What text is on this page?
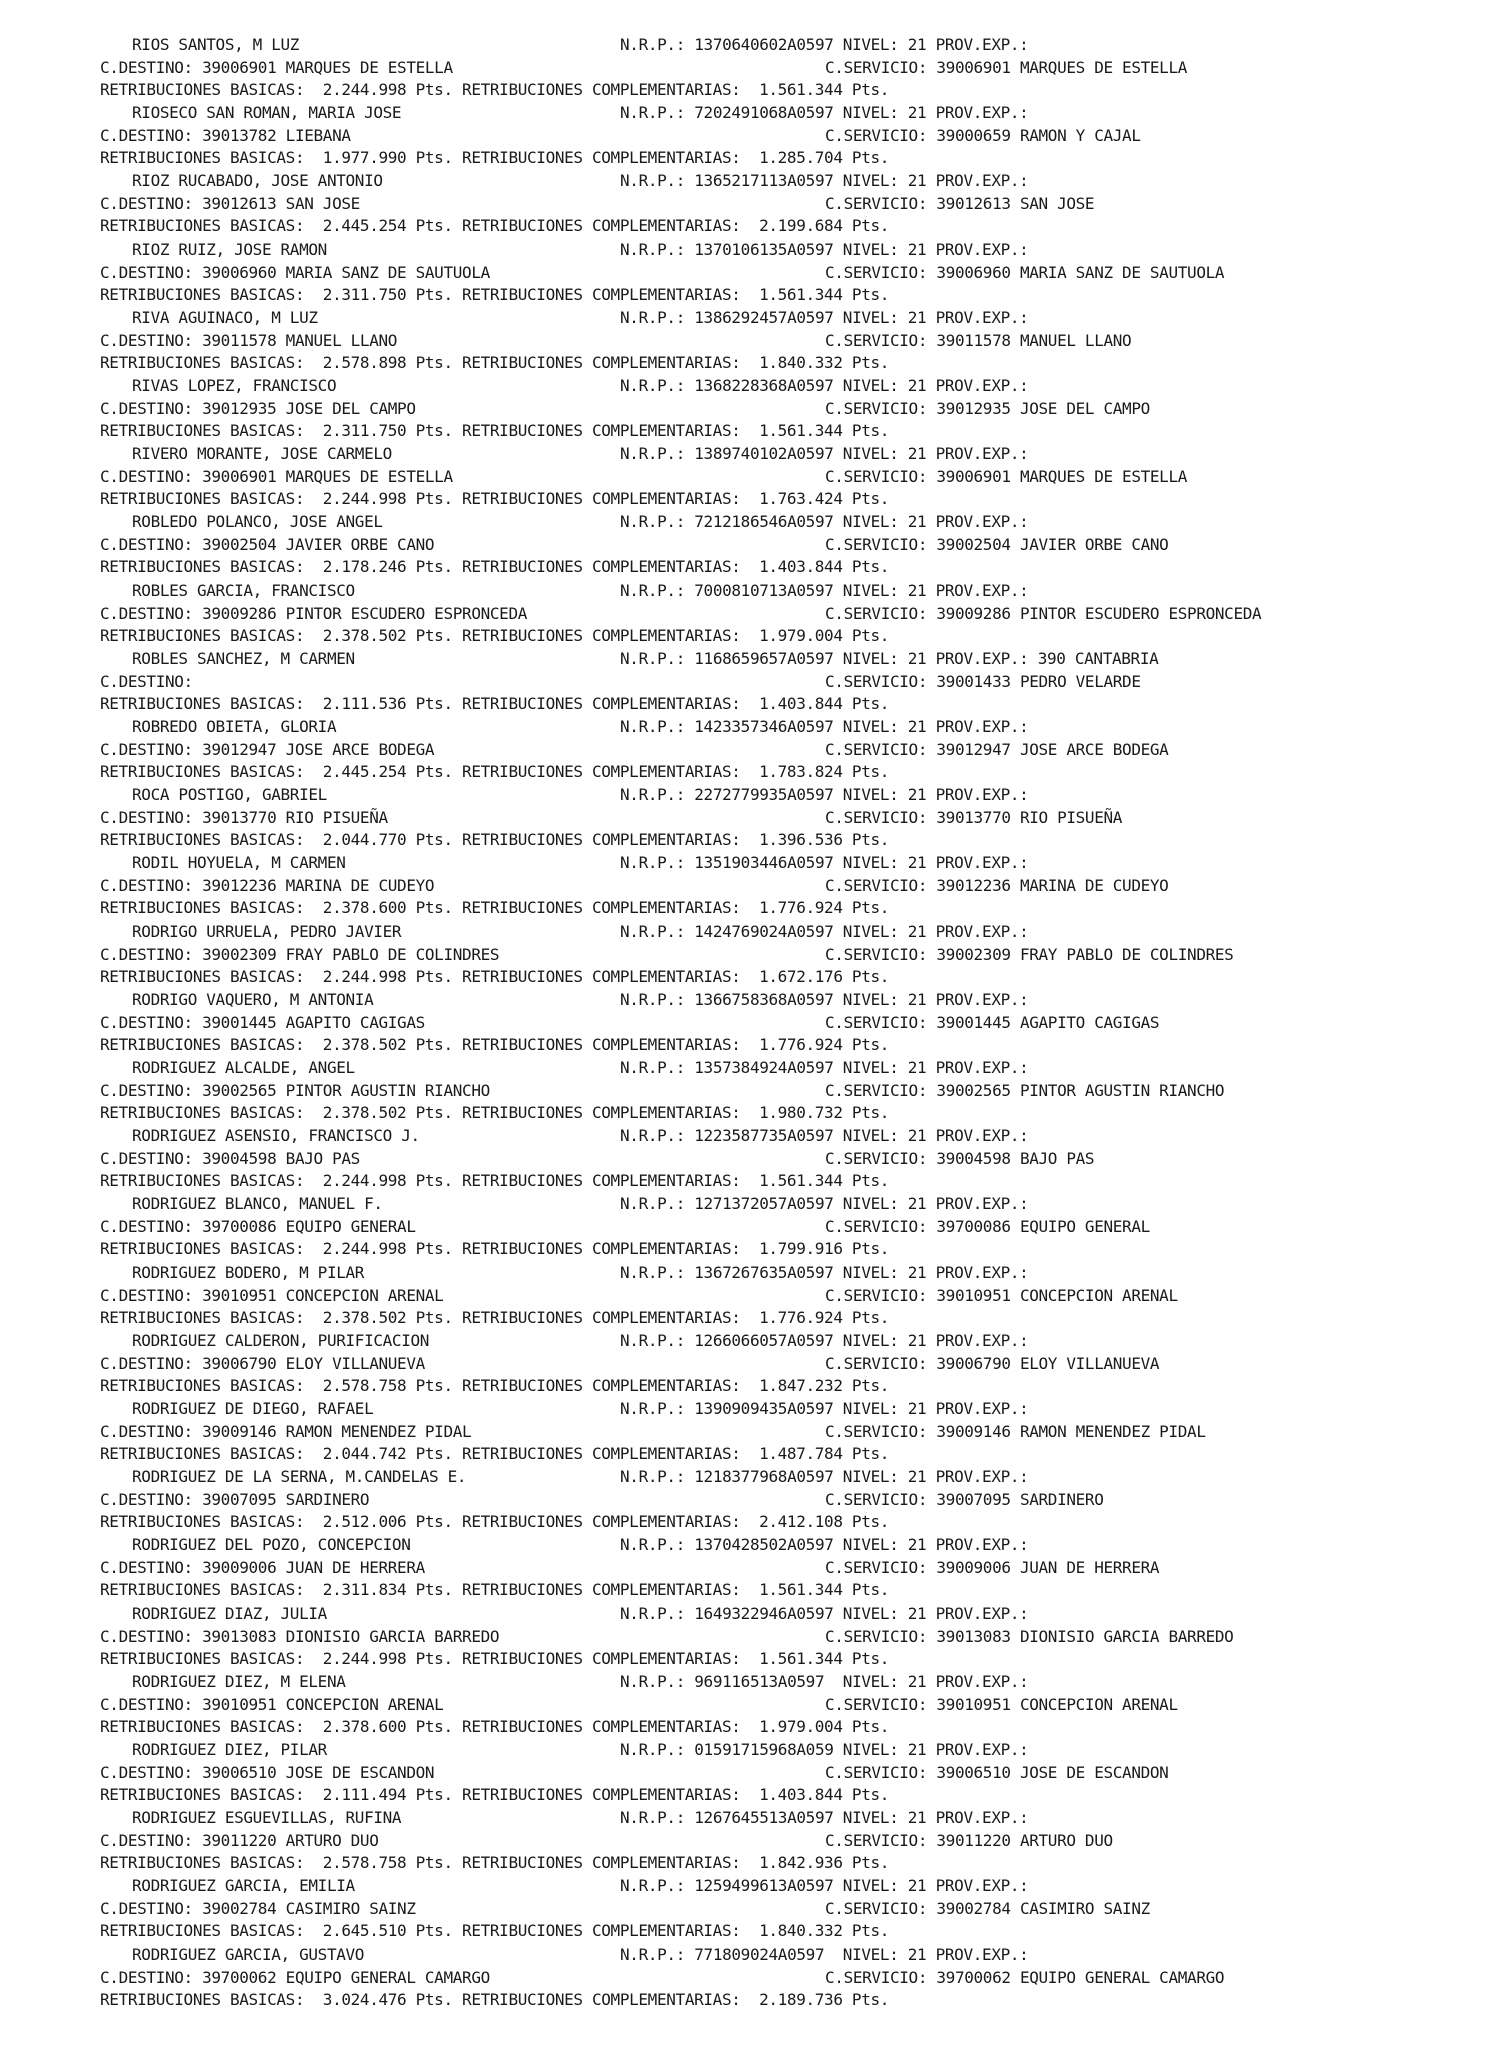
RIOS SANTOS, M LUZ	N.R.P.: 1370640602A0597 NIVEL: 21 PROV.EXP.:
C.DESTINO: 39006901 MARQUES DE ESTELLA	C.SERVICIO: 39006901 MARQUES DE ESTELLA
RETRIBUCIONES BASICAS:  2.244.998 Pts. RETRIBUCIONES COMPLEMENTARIAS:  1.561.344 Pts.
RIOSECO SAN ROMAN, MARIA JOSE	N.R.P.: 7202491068A0597 NIVEL: 21 PROV.EXP.:
C.DESTINO: 39013782 LIEBANA	C.SERVICIO: 39000659 RAMON Y CAJAL
RETRIBUCIONES BASICAS:  1.977.990 Pts. RETRIBUCIONES COMPLEMENTARIAS:  1.285.704 Pts.
RIOZ RUCABADO, JOSE ANTONIO	N.R.P.: 1365217113A0597 NIVEL: 21 PROV.EXP.:
C.DESTINO: 39012613 SAN JOSE	C.SERVICIO: 39012613 SAN JOSE
RETRIBUCIONES BASICAS:  2.445.254 Pts. RETRIBUCIONES COMPLEMENTARIAS:  2.199.684 Pts.
RIOZ RUIZ, JOSE RAMON	N.R.P.: 1370106135A0597 NIVEL: 21 PROV.EXP.:
C.DESTINO: 39006960 MARIA SANZ DE SAUTUOLA	C.SERVICIO: 39006960 MARIA SANZ DE SAUTUOLA
RETRIBUCIONES BASICAS:  2.311.750 Pts. RETRIBUCIONES COMPLEMENTARIAS:  1.561.344 Pts.
RIVA AGUINACO, M LUZ	N.R.P.: 1386292457A0597 NIVEL: 21 PROV.EXP.:
C.DESTINO: 39011578 MANUEL LLANO	C.SERVICIO: 39011578 MANUEL LLANO
RETRIBUCIONES BASICAS:  2.578.898 Pts. RETRIBUCIONES COMPLEMENTARIAS:  1.840.332 Pts.
RIVAS LOPEZ, FRANCISCO	N.R.P.: 1368228368A0597 NIVEL: 21 PROV.EXP.:
C.DESTINO: 39012935 JOSE DEL CAMPO	C.SERVICIO: 39012935 JOSE DEL CAMPO
RETRIBUCIONES BASICAS:  2.311.750 Pts. RETRIBUCIONES COMPLEMENTARIAS:  1.561.344 Pts.
RIVERO MORANTE, JOSE CARMELO	N.R.P.: 1389740102A0597 NIVEL: 21 PROV.EXP.:
C.DESTINO: 39006901 MARQUES DE ESTELLA	C.SERVICIO: 39006901 MARQUES DE ESTELLA
RETRIBUCIONES BASICAS:  2.244.998 Pts. RETRIBUCIONES COMPLEMENTARIAS:  1.763.424 Pts.
ROBLEDO POLANCO, JOSE ANGEL	N.R.P.: 7212186546A0597 NIVEL: 21 PROV.EXP.:
C.DESTINO: 39002504 JAVIER ORBE CANO	C.SERVICIO: 39002504 JAVIER ORBE CANO
RETRIBUCIONES BASICAS:  2.178.246 Pts. RETRIBUCIONES COMPLEMENTARIAS:  1.403.844 Pts.
ROBLES GARCIA, FRANCISCO	N.R.P.: 7000810713A0597 NIVEL: 21 PROV.EXP.:
C.DESTINO: 39009286 PINTOR ESCUDERO ESPRONCEDA	C.SERVICIO: 39009286 PINTOR ESCUDERO ESPRONCEDA
RETRIBUCIONES BASICAS:  2.378.502 Pts. RETRIBUCIONES COMPLEMENTARIAS:  1.979.004 Pts.
ROBLES SANCHEZ, M CARMEN	N.R.P.: 1168659657A0597 NIVEL: 21 PROV.EXP.: 390 CANTABRIA
C.DESTINO:	C.SERVICIO: 39001433 PEDRO VELARDE
RETRIBUCIONES BASICAS:  2.111.536 Pts. RETRIBUCIONES COMPLEMENTARIAS:  1.403.844 Pts.
ROBREDO OBIETA, GLORIA	N.R.P.: 1423357346A0597 NIVEL: 21 PROV.EXP.:
C.DESTINO: 39012947 JOSE ARCE BODEGA	C.SERVICIO: 39012947 JOSE ARCE BODEGA
RETRIBUCIONES BASICAS:  2.445.254 Pts. RETRIBUCIONES COMPLEMENTARIAS:  1.783.824 Pts.
ROCA POSTIGO, GABRIEL	N.R.P.: 2272779935A0597 NIVEL: 21 PROV.EXP.:
C.DESTINO: 39013770 RIO PISUEÑA	C.SERVICIO: 39013770 RIO PISUEÑA
RETRIBUCIONES BASICAS:  2.044.770 Pts. RETRIBUCIONES COMPLEMENTARIAS:  1.396.536 Pts.
RODIL HOYUELA, M CARMEN	N.R.P.: 1351903446A0597 NIVEL: 21 PROV.EXP.:
C.DESTINO: 39012236 MARINA DE CUDEYO	C.SERVICIO: 39012236 MARINA DE CUDEYO
RETRIBUCIONES BASICAS:  2.378.600 Pts. RETRIBUCIONES COMPLEMENTARIAS:  1.776.924 Pts.
RODRIGO URRUELA, PEDRO JAVIER	N.R.P.: 1424769024A0597 NIVEL: 21 PROV.EXP.:
C.DESTINO: 39002309 FRAY PABLO DE COLINDRES	C.SERVICIO: 39002309 FRAY PABLO DE COLINDRES
RETRIBUCIONES BASICAS:  2.244.998 Pts. RETRIBUCIONES COMPLEMENTARIAS:  1.672.176 Pts.
RODRIGO VAQUERO, M ANTONIA	N.R.P.: 1366758368A0597 NIVEL: 21 PROV.EXP.:
C.DESTINO: 39001445 AGAPITO CAGIGAS	C.SERVICIO: 39001445 AGAPITO CAGIGAS
RETRIBUCIONES BASICAS:  2.378.502 Pts. RETRIBUCIONES COMPLEMENTARIAS:  1.776.924 Pts.
RODRIGUEZ ALCALDE, ANGEL	N.R.P.: 1357384924A0597 NIVEL: 21 PROV.EXP.:
C.DESTINO: 39002565 PINTOR AGUSTIN RIANCHO	C.SERVICIO: 39002565 PINTOR AGUSTIN RIANCHO
RETRIBUCIONES BASICAS:  2.378.502 Pts. RETRIBUCIONES COMPLEMENTARIAS:  1.980.732 Pts.
RODRIGUEZ ASENSIO, FRANCISCO J.	N.R.P.: 1223587735A0597 NIVEL: 21 PROV.EXP.:
C.DESTINO: 39004598 BAJO PAS	C.SERVICIO: 39004598 BAJO PAS
RETRIBUCIONES BASICAS:  2.244.998 Pts. RETRIBUCIONES COMPLEMENTARIAS:  1.561.344 Pts.
RODRIGUEZ BLANCO, MANUEL F.	N.R.P.: 1271372057A0597 NIVEL: 21 PROV.EXP.:
C.DESTINO: 39700086 EQUIPO GENERAL	C.SERVICIO: 39700086 EQUIPO GENERAL
RETRIBUCIONES BASICAS:  2.244.998 Pts. RETRIBUCIONES COMPLEMENTARIAS:  1.799.916 Pts.
RODRIGUEZ BODERO, M PILAR	N.R.P.: 1367267635A0597 NIVEL: 21 PROV.EXP.:
C.DESTINO: 39010951 CONCEPCION ARENAL	C.SERVICIO: 39010951 CONCEPCION ARENAL
RETRIBUCIONES BASICAS:  2.378.502 Pts. RETRIBUCIONES COMPLEMENTARIAS:  1.776.924 Pts.
RODRIGUEZ CALDERON, PURIFICACION	N.R.P.: 1266066057A0597 NIVEL: 21 PROV.EXP.:
C.DESTINO: 39006790 ELOY VILLANUEVA	C.SERVICIO: 39006790 ELOY VILLANUEVA
RETRIBUCIONES BASICAS:  2.578.758 Pts. RETRIBUCIONES COMPLEMENTARIAS:  1.847.232 Pts.
RODRIGUEZ DE DIEGO, RAFAEL	N.R.P.: 1390909435A0597 NIVEL: 21 PROV.EXP.:
C.DESTINO: 39009146 RAMON MENENDEZ PIDAL	C.SERVICIO: 39009146 RAMON MENENDEZ PIDAL
RETRIBUCIONES BASICAS:  2.044.742 Pts. RETRIBUCIONES COMPLEMENTARIAS:  1.487.784 Pts.
RODRIGUEZ DE LA SERNA, M.CANDELAS E.	N.R.P.: 1218377968A0597 NIVEL: 21 PROV.EXP.:
C.DESTINO: 39007095 SARDINERO	C.SERVICIO: 39007095 SARDINERO
RETRIBUCIONES BASICAS:  2.512.006 Pts. RETRIBUCIONES COMPLEMENTARIAS:  2.412.108 Pts.
RODRIGUEZ DEL POZO, CONCEPCION	N.R.P.: 1370428502A0597 NIVEL: 21 PROV.EXP.:
C.DESTINO: 39009006 JUAN DE HERRERA	C.SERVICIO: 39009006 JUAN DE HERRERA
RETRIBUCIONES BASICAS:  2.311.834 Pts. RETRIBUCIONES COMPLEMENTARIAS:  1.561.344 Pts.
RODRIGUEZ DIAZ, JULIA	N.R.P.: 1649322946A0597 NIVEL: 21 PROV.EXP.:
C.DESTINO: 39013083 DIONISIO GARCIA BARREDO	C.SERVICIO: 39013083 DIONISIO GARCIA BARREDO
RETRIBUCIONES BASICAS:  2.244.998 Pts. RETRIBUCIONES COMPLEMENTARIAS:  1.561.344 Pts.
RODRIGUEZ DIEZ, M ELENA	N.R.P.: 969116513A0597  NIVEL: 21 PROV.EXP.:
C.DESTINO: 39010951 CONCEPCION ARENAL	C.SERVICIO: 39010951 CONCEPCION ARENAL
RETRIBUCIONES BASICAS:  2.378.600 Pts. RETRIBUCIONES COMPLEMENTARIAS:  1.979.004 Pts.
RODRIGUEZ DIEZ, PILAR	N.R.P.: 01591715968A059 NIVEL: 21 PROV.EXP.:
C.DESTINO: 39006510 JOSE DE ESCANDON	C.SERVICIO: 39006510 JOSE DE ESCANDON
RETRIBUCIONES BASICAS:  2.111.494 Pts. RETRIBUCIONES COMPLEMENTARIAS:  1.403.844 Pts.
RODRIGUEZ ESGUEVILLAS, RUFINA	N.R.P.: 1267645513A0597 NIVEL: 21 PROV.EXP.:
C.DESTINO: 39011220 ARTURO DUO	C.SERVICIO: 39011220 ARTURO DUO
RETRIBUCIONES BASICAS:  2.578.758 Pts. RETRIBUCIONES COMPLEMENTARIAS:  1.842.936 Pts.
RODRIGUEZ GARCIA, EMILIA	N.R.P.: 1259499613A0597 NIVEL: 21 PROV.EXP.:
C.DESTINO: 39002784 CASIMIRO SAINZ	C.SERVICIO: 39002784 CASIMIRO SAINZ
RETRIBUCIONES BASICAS:  2.645.510 Pts. RETRIBUCIONES COMPLEMENTARIAS:  1.840.332 Pts.
RODRIGUEZ GARCIA, GUSTAVO	N.R.P.: 771809024A0597  NIVEL: 21 PROV.EXP.:
C.DESTINO: 39700062 EQUIPO GENERAL CAMARGO	C.SERVICIO: 39700062 EQUIPO GENERAL CAMARGO
RETRIBUCIONES BASICAS:  3.024.476 Pts. RETRIBUCIONES COMPLEMENTARIAS:  2.189.736 Pts.
